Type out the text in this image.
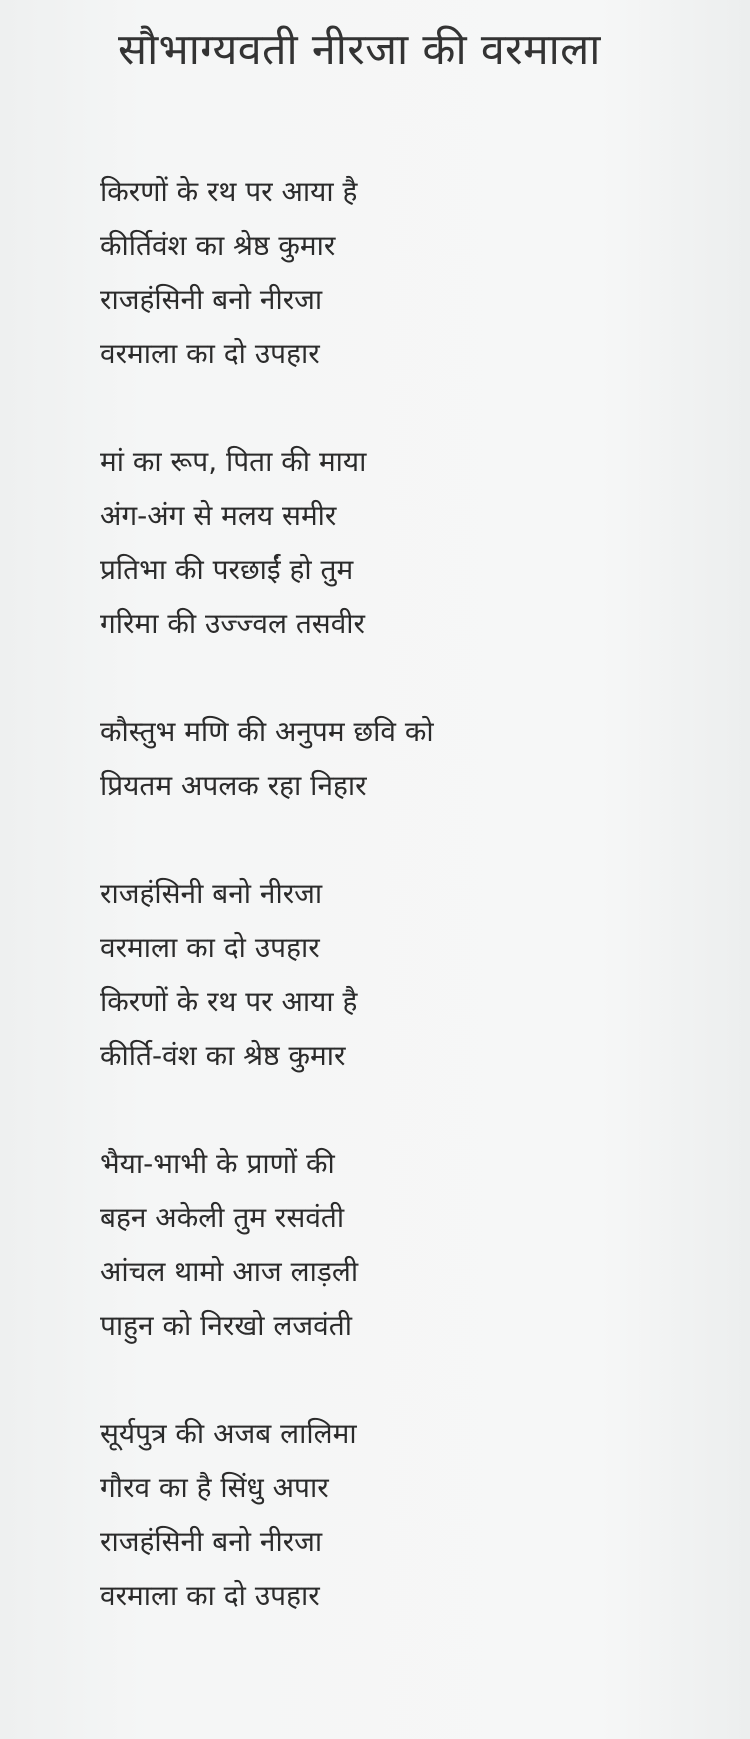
सौभाग्यवती नीरजा की वरमाला
किरणों के रथ पर आया है
कीर्तिवंश का श्रेष्ठ कुमार
राजहंसिनी बनो नीरजा
वरमाला का दो उपहार
मां का रूप, पिता की माया
अंग-अंग से मलय समीर
प्रतिभा की परछाईं हो तुम
गरिमा की उज्ज्वल तसवीर
कौस्तुभ मणि की अनुपम छवि को
प्रियतम अपलक रहा निहार
राजहंसिनी बनो नीरजा
वरमाला का दो उपहार
किरणों के रथ पर आया है
कीर्ति-वंश का श्रेष्ठ कुमार
भैया-भाभी के प्राणों की
बहन अकेली तुम रसवंती
आंचल थामो आज लाड़ली
पाहुन को निरखो लजवंती
सूर्यपुत्र की अजब लालिमा
गौरव का है सिंधु अपार
राजहंसिनी बनो नीरजा
वरमाला का दो उपहार
